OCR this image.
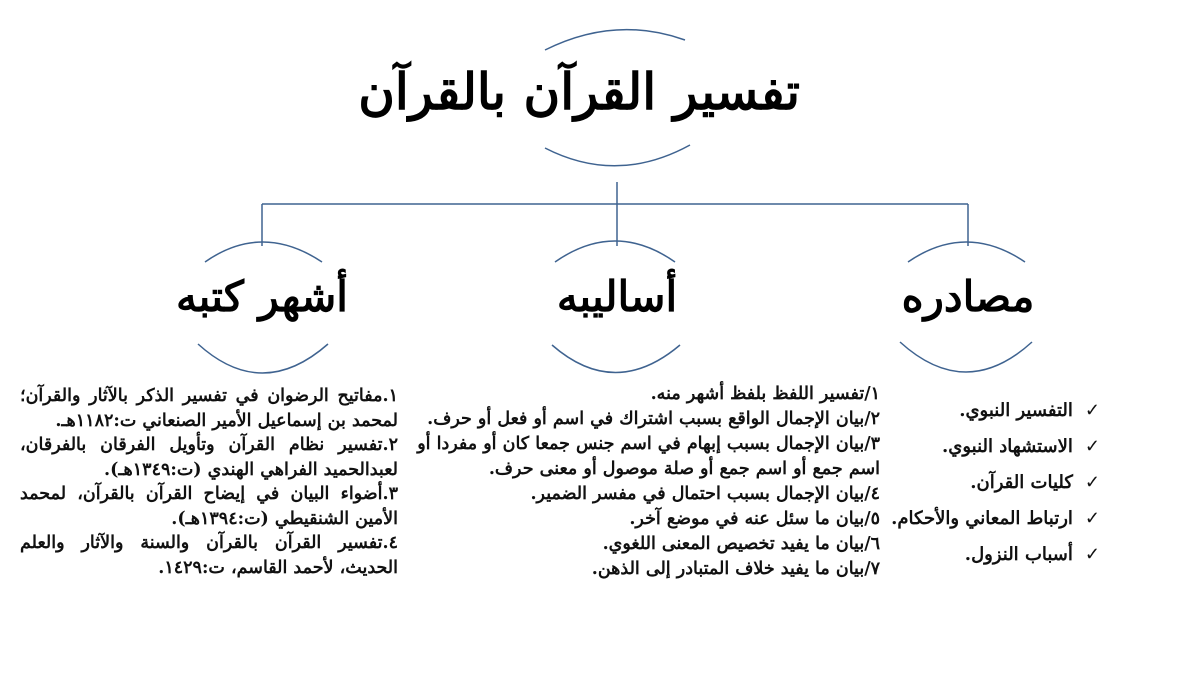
تفسير القرآن بالقرآن
أشهر كتبه	أساليبه	مصادره

✓التفسير النبوي.

✓الاستشهاد النبوي.

✓كليات القرآن.

✓ارتباط المعاني والأحكام.

✓أسباب النزول.

١/تفسير اللفظ بلفظ أشهر منه.

٢/بيان الإجمال الواقع بسبب اشتراك في اسم أو فعل أو حرف.

٣/بيان الإجمال بسبب إبهام في اسم جنس جمعا كان أو مفردا أو اسم جمع أو اسم جمع أو صلة موصول أو معنى حرف.

٤/بيان الإجمال بسبب احتمال في مفسر الضمير.

٥/بيان ما سئل عنه في موضع آخر.

٦/بيان ما يفيد تخصيص المعنى اللغوي.

٧/بيان ما يفيد خلاف المتبادر إلى الذهن.

١.مفاتيح الرضوان في تفسير الذكر بالآثار والقرآن؛ لمحمد بن إسماعيل الأمير الصنعاني ت:١١٨٢هـ.

٢.تفسير نظام القرآن وتأويل الفرقان بالفرقان، لعبدالحميد الفراهي الهندي (ت:١٣٤٩هـ).

٣.أضواء البيان في إيضاح القرآن بالقرآن، لمحمد الأمين الشنقيطي (ت:١٣٩٤هـ).

٤.تفسير القرآن بالقرآن والسنة والآثار والعلم الحديث، لأحمد القاسم، ت:١٤٢٩.
